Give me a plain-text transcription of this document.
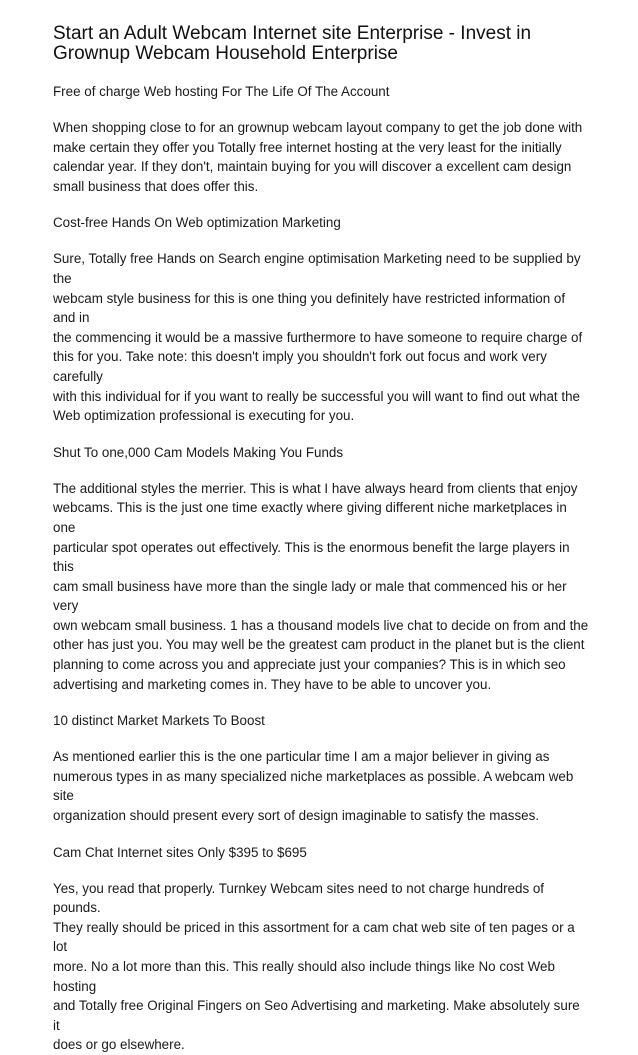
Start an Adult Webcam Internet site Enterprise - Invest in
Grownup Webcam Household Enterprise

Free of charge Web hosting For The Life Of The Account

When shopping close to for an grownup webcam layout company to get the job done with
make certain they offer you Totally free internet hosting at the very least for the initially
calendar year. If they don't, maintain buying for you will discover a excellent cam design
small business that does offer this.

Cost-free Hands On Web optimization Marketing

Sure, Totally free Hands on Search engine optimisation Marketing need to be supplied by the
webcam style business for this is one thing you definitely have restricted information of and in
the commencing it would be a massive furthermore to have someone to require charge of
this for you. Take note: this doesn't imply you shouldn't fork out focus and work very carefully
with this individual for if you want to really be successful you will want to find out what the
Web optimization professional is executing for you.

Shut To one,000 Cam Models Making You Funds

The additional styles the merrier. This is what I have always heard from clients that enjoy
webcams. This is the just one time exactly where giving different niche marketplaces in one
particular spot operates out effectively. This is the enormous benefit the large players in this
cam small business have more than the single lady or male that commenced his or her very
own webcam small business. 1 has a thousand models live chat to decide on from and the
other has just you. You may well be the greatest cam product in the planet but is the client
planning to come across you and appreciate just your companies? This is in which seo
advertising and marketing comes in. They have to be able to uncover you.

10 distinct Market Markets To Boost

As mentioned earlier this is the one particular time I am a major believer in giving as
numerous types in as many specialized niche marketplaces as possible. A webcam web site
organization should present every sort of design imaginable to satisfy the masses.

Cam Chat Internet sites Only $395 to $695

Yes, you read that properly. Turnkey Webcam sites need to not charge hundreds of pounds.
They really should be priced in this assortment for a cam chat web site of ten pages or a lot
more. No a lot more than this. This really should also include things like No cost Web hosting
and Totally free Original Fingers on Seo Advertising and marketing. Make absolutely sure it
does or go elsewhere.
